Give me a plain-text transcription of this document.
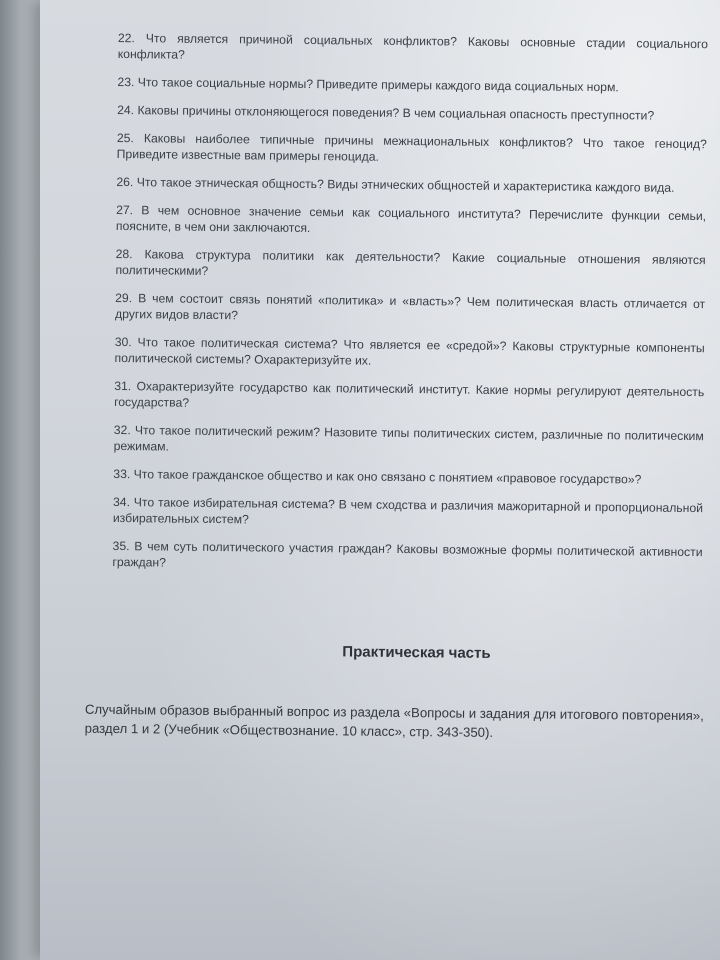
22. Что является причиной социальных конфликтов? Каковы основные стадии социального конфликта?

23. Что такое социальные нормы? Приведите примеры каждого вида социальных норм.

24. Каковы причины отклоняющегося поведения? В чем социальная опасность преступности?

25. Каковы наиболее типичные причины межнациональных конфликтов? Что такое геноцид? Приведите известные вам примеры геноцида.

26. Что такое этническая общность? Виды этнических общностей и характеристика каждого вида.

27. В чем основное значение семьи как социального института? Перечислите функции семьи, поясните, в чем они заключаются.

28. Какова структура политики как деятельности? Какие социальные отношения являются политическими?

29. В чем состоит связь понятий «политика» и «власть»? Чем политическая власть отличается от других видов власти?

30. Что такое политическая система? Что является ее «средой»? Каковы структурные компоненты политической системы? Охарактеризуйте их.

31. Охарактеризуйте государство как политический институт. Какие нормы регулируют деятельность государства?

32. Что такое политический режим? Назовите типы политических систем, различные по политическим режимам.

33. Что такое гражданское общество и как оно связано с понятием «правовое государство»?

34. Что такое избирательная система? В чем сходства и различия мажоритарной и пропорциональной избирательных систем?

35. В чем суть политического участия граждан? Каковы возможные формы политической активности граждан?

Практическая часть

Случайным образов выбранный вопрос из раздела «Вопросы и задания для итогового повторения», раздел 1 и 2 (Учебник «Обществознание. 10 класс», стр. 343-350).
